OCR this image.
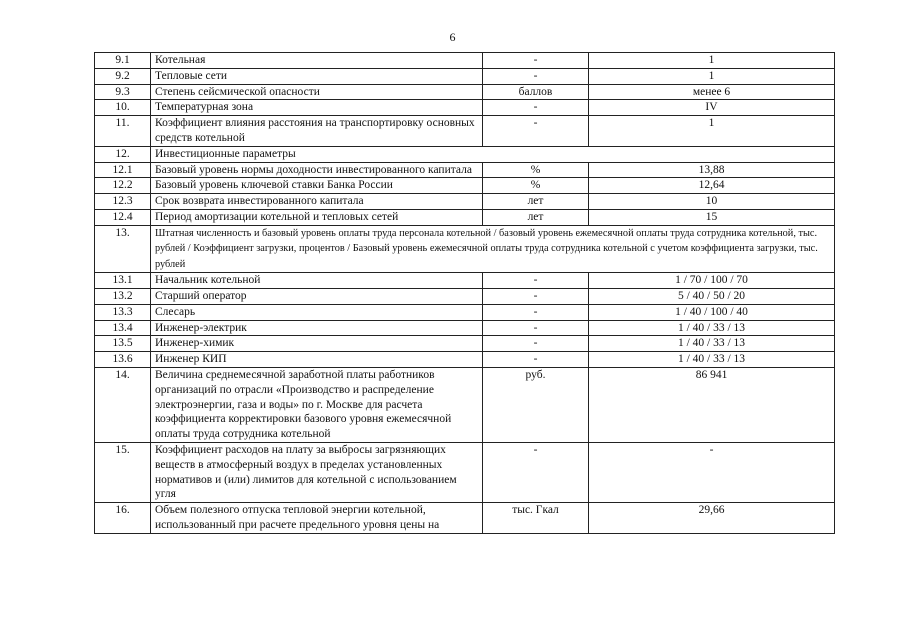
6
9.1	Котельная	-	1
9.2	Тепловые сети	-	1
9.3	Степень сейсмической опасности	баллов	менее 6
10.	Температурная зона	-	IV
11.	Коэффициент влияния расстояния на транспортировку основных средств котельной	-	1
12.	Инвестиционные параметры		
12.1	Базовый уровень нормы доходности инвестированного капитала	%	13,88
12.2	Базовый уровень ключевой ставки Банка России	%	12,64
12.3	Срок возврата инвестированного капитала	лет	10
12.4	Период амортизации котельной и тепловых сетей	лет	15
13.	Штатная численность и базовый уровень оплаты труда персонала котельной / базовый уровень ежемесячной оплаты труда сотрудника котельной, тыс. рублей / Коэффициент загрузки, процентов / Базовый уровень ежемесячной оплаты труда сотрудника котельной с учетом коэффициента загрузки, тыс. рублей		
13.1	Начальник котельной	-	1 / 70 / 100 / 70
13.2	Старший оператор	-	5 / 40 / 50 / 20
13.3	Слесарь	-	1 / 40 / 100 / 40
13.4	Инженер-электрик	-	1 / 40 / 33 / 13
13.5	Инженер-химик	-	1 / 40 / 33 / 13
13.6	Инженер КИП	-	1 / 40 / 33 / 13
14.	Величина среднемесячной заработной платы работников организаций по отрасли «Производство и распределение электроэнергии, газа и воды» по г. Москве для расчета коэффициента корректировки базового уровня ежемесячной оплаты труда сотрудника котельной	руб.	86 941
15.	Коэффициент расходов на плату за выбросы загрязняющих веществ в атмосферный воздух в пределах установленных нормативов и (или) лимитов для котельной с использованием угля	-	-
16.	Объем полезного отпуска тепловой энергии котельной, использованный при расчете предельного уровня цены на	тыс. Гкал	29,66
